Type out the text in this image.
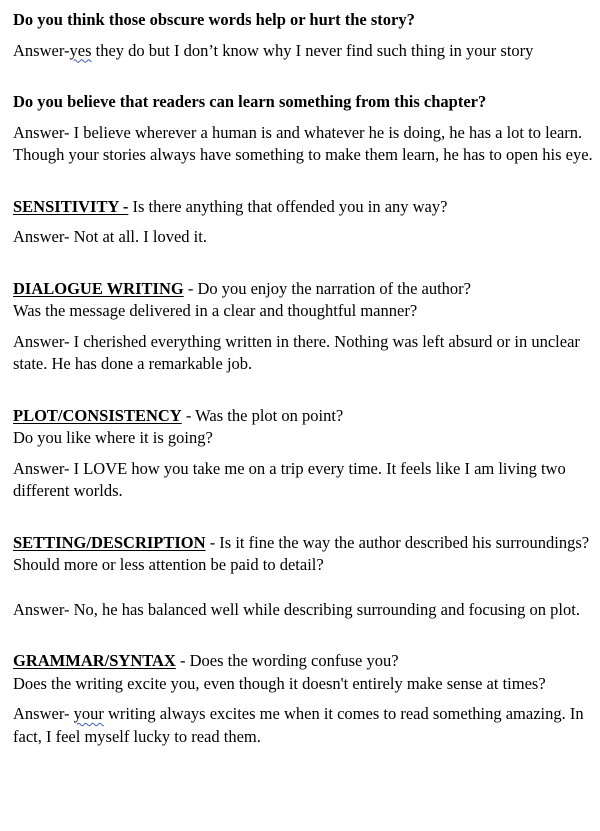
Do you think those obscure words help or hurt the story?

Answer-yes they do but I don’t know why I never find such thing in your story

Do you believe that readers can learn something from this chapter?

Answer- I believe wherever a human is and whatever he is doing, he has a lot to learn. Though your stories always have something to make them learn, he has to open his eye.

SENSITIVITY - Is there anything that offended you in any way?

Answer- Not at all. I loved it.

DIALOGUE WRITING - Do you enjoy the narration of the author?

Was the message delivered in a clear and thoughtful manner?

Answer- I cherished everything written in there. Nothing was left absurd or in unclear state. He has done a remarkable job.

PLOT/CONSISTENCY - Was the plot on point?

Do you like where it is going?

Answer- I LOVE how you take me on a trip every time. It feels like I am living two different worlds.

SETTING/DESCRIPTION - Is it fine the way the author described his surroundings? Should more or less attention be paid to detail?

Answer- No, he has balanced well while describing surrounding and focusing on plot.

GRAMMAR/SYNTAX - Does the wording confuse you?

Does the writing excite you, even though it doesn't entirely make sense at times?

Answer- your writing always excites me when it comes to read something amazing. In fact, I feel myself lucky to read them.
